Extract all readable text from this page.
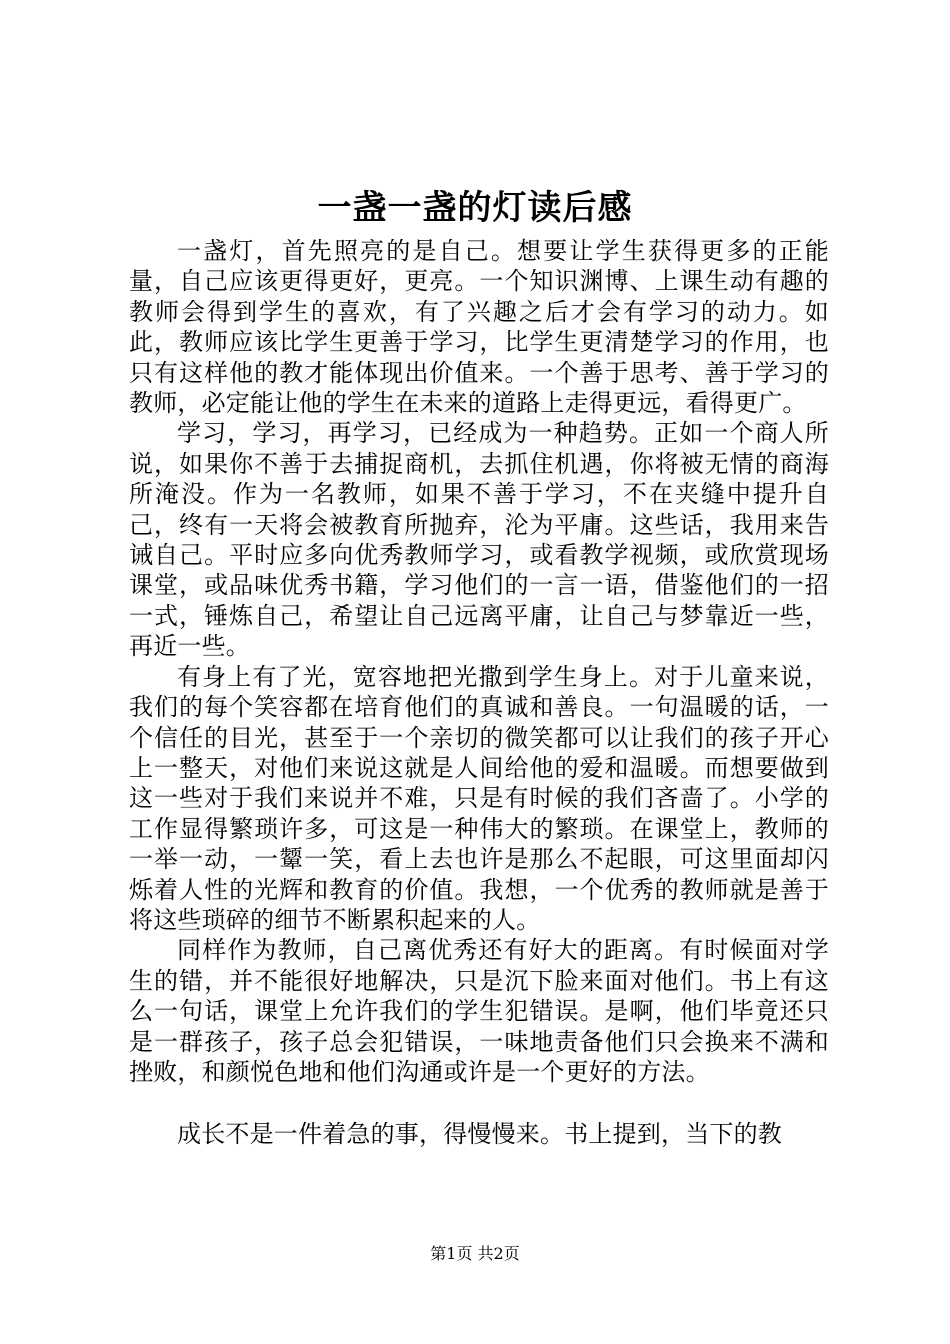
一盏一盏的灯读后感

一盏灯，首先照亮的是自己。想要让学生获得更多的正能量，自己应该更得更好，更亮。一个知识渊博、上课生动有趣的教师会得到学生的喜欢，有了兴趣之后才会有学习的动力。如此，教师应该比学生更善于学习，比学生更清楚学习的作用，也只有这样他的教才能体现出价值来。一个善于思考、善于学习的教师，必定能让他的学生在未来的道路上走得更远，看得更广。

学习，学习，再学习，已经成为一种趋势。正如一个商人所说，如果你不善于去捕捉商机，去抓住机遇，你将被无情的商海所淹没。作为一名教师，如果不善于学习，不在夹缝中提升自己，终有一天将会被教育所抛弃，沦为平庸。这些话，我用来告诫自己。平时应多向优秀教师学习，或看教学视频，或欣赏现场课堂，或品味优秀书籍，学习他们的一言一语，借鉴他们的一招一式，锤炼自己，希望让自己远离平庸，让自己与梦靠近一些，再近一些。

有身上有了光，宽容地把光撒到学生身上。对于儿童来说，我们的每个笑容都在培育他们的真诚和善良。一句温暖的话，一个信任的目光，甚至于一个亲切的微笑都可以让我们的孩子开心上一整天，对他们来说这就是人间给他的爱和温暖。而想要做到这一些对于我们来说并不难，只是有时候的我们吝啬了。小学的工作显得繁琐许多，可这是一种伟大的繁琐。在课堂上，教师的一举一动，一颦一笑，看上去也许是那么不起眼，可这里面却闪烁着人性的光辉和教育的价值。我想，一个优秀的教师就是善于将这些琐碎的细节不断累积起来的人。

同样作为教师，自己离优秀还有好大的距离。有时候面对学生的错，并不能很好地解决，只是沉下脸来面对他们。书上有这么一句话，课堂上允许我们的学生犯错误。是啊，他们毕竟还只是一群孩子，孩子总会犯错误，一味地责备他们只会换来不满和挫败，和颜悦色地和他们沟通或许是一个更好的方法。

成长不是一件着急的事，得慢慢来。书上提到，当下的教

第1页 共2页
